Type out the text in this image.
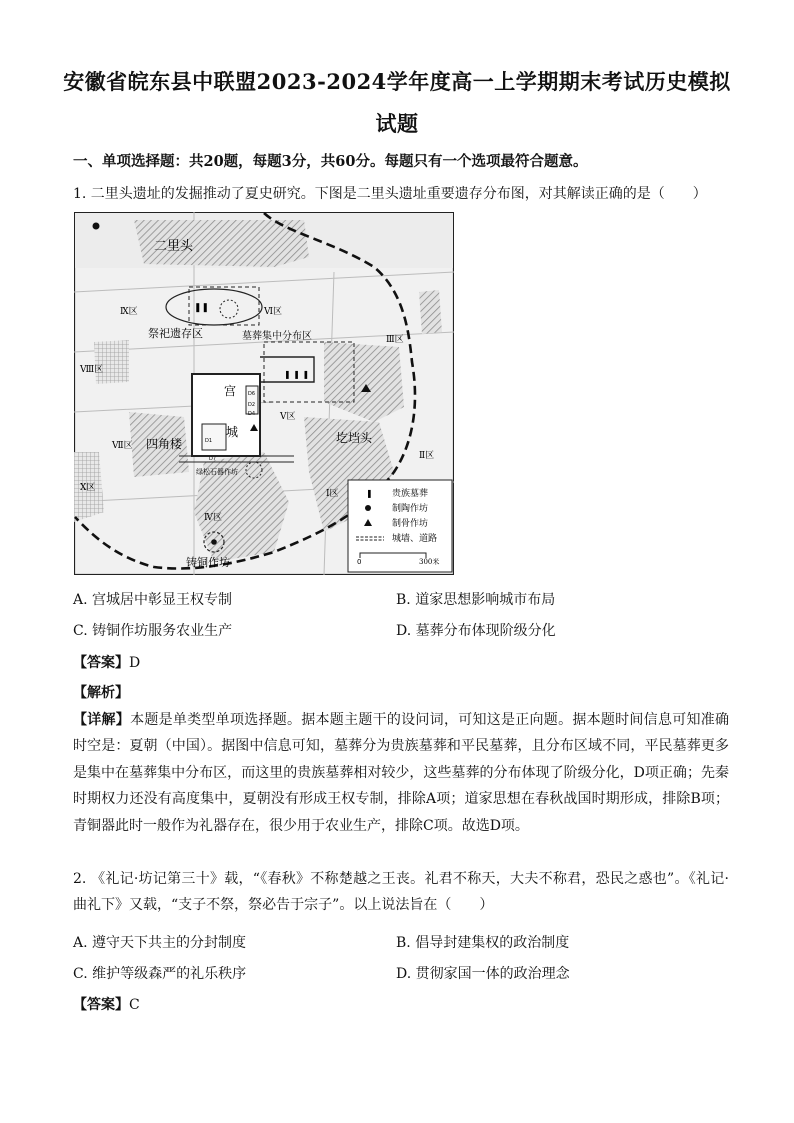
安徽省皖东县中联盟2023-2024学年度高一上学期期末考试历史模拟
试题
一、单项选择题：共20题，每题3分，共60分。每题只有一个选项最符合题意。
1. 二里头遗址的发掘推动了夏史研究。下图是二里头遗址重要遗存分布图，对其解读正确的是（　　）
宫
城
D6
D2
D4
D1
D7
❚❚
祭祀遗存区	墓葬集中分布区
❚ ❚ ❚
绿松石器作坊
铸铜作坊
二里头
四角楼	圪垱头
Ⅸ区	Ⅵ区
Ⅲ区
Ⅷ区
Ⅴ区
Ⅶ区
Ⅱ区
Ⅹ区
Ⅳ区
Ⅰ区	❚ 贵族墓葬
制陶作坊
制骨作坊
城墙、道路
0	300米
A. 宫城居中彰显王权专制	B. 道家思想影响城市布局
C. 铸铜作坊服务农业生产	D. 墓葬分布体现阶级分化
【答案】D
【解析】
【详解】本题是单类型单项选择题。据本题主题干的设问词，可知这是正向题。据本题时间信息可知准确时空是：夏朝（中国）。据图中信息可知，墓葬分为贵族墓葬和平民墓葬，且分布区域不同，平民墓葬更多是集中在墓葬集中分布区，而这里的贵族墓葬相对较少，这些墓葬的分布体现了阶级分化，D项正确；先秦时期权力还没有高度集中，夏朝没有形成王权专制，排除A项；道家思想在春秋战国时期形成，排除B项；青铜器此时一般作为礼器存在，很少用于农业生产，排除C项。故选D项。
2. 《礼记·坊记第三十》载，“《春秋》不称楚越之王丧。礼君不称天，大夫不称君，恐民之惑也”。《礼记·曲礼下》又载，“支子不祭，祭必告于宗子”。以上说法旨在（　　）
A. 遵守天下共主的分封制度	B. 倡导封建集权的政治制度
C. 维护等级森严的礼乐秩序	D. 贯彻家国一体的政治理念
【答案】C
